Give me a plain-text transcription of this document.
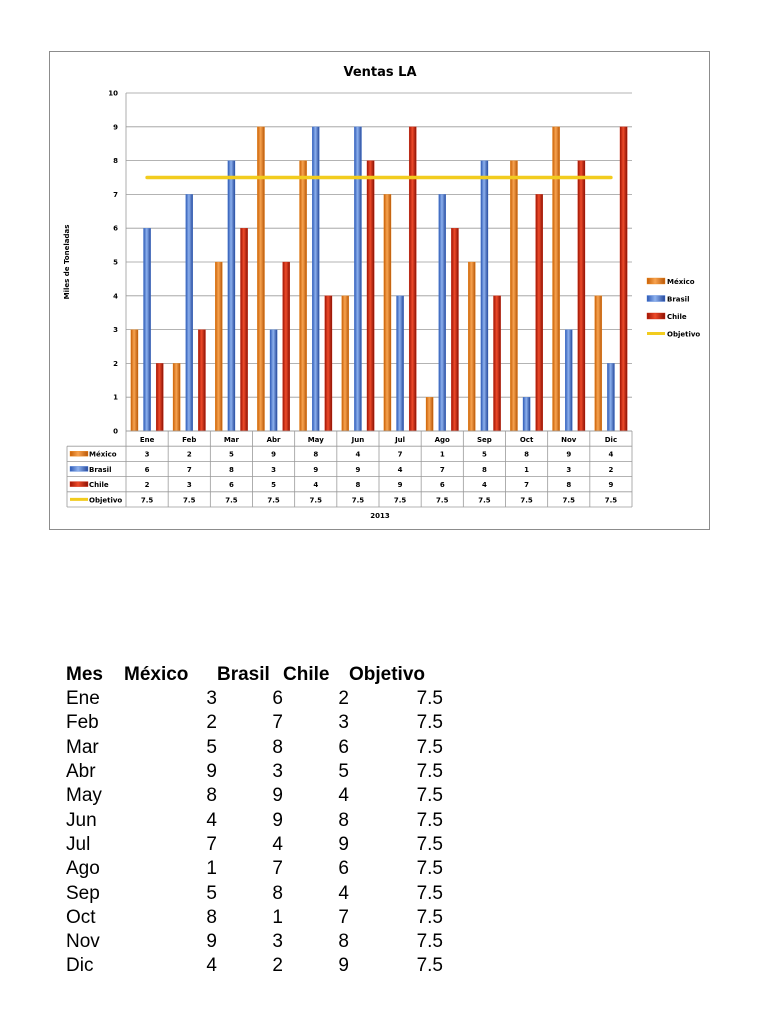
Ventas LA
Miles de Toneladas
2013
0
1
2
3
4
5
6
7
8
9
10
Ene	Feb	Mar	Abr	May	Jun	Jul	Ago	Sep	Oct	Nov	Dic
México	3	2	5	9	8	4	7	1	5	8	9	4
Brasil	6	7	8	3	9	9	4	7	8	1	3	2
Chile	2	3	6	5	4	8	9	6	4	7	8	9
Objetivo	7.5	7.5	7.5	7.5	7.5	7.5	7.5	7.5	7.5	7.5	7.5	7.5
México
Brasil
Chile
Objetivo
Mes	México	Brasil	Chile	Objetivo
Ene	3	6	2	7.5
Feb	2	7	3	7.5
Mar	5	8	6	7.5
Abr	9	3	5	7.5
May	8	9	4	7.5
Jun	4	9	8	7.5
Jul	7	4	9	7.5
Ago	1	7	6	7.5
Sep	5	8	4	7.5
Oct	8	1	7	7.5
Nov	9	3	8	7.5
Dic	4	2	9	7.5
